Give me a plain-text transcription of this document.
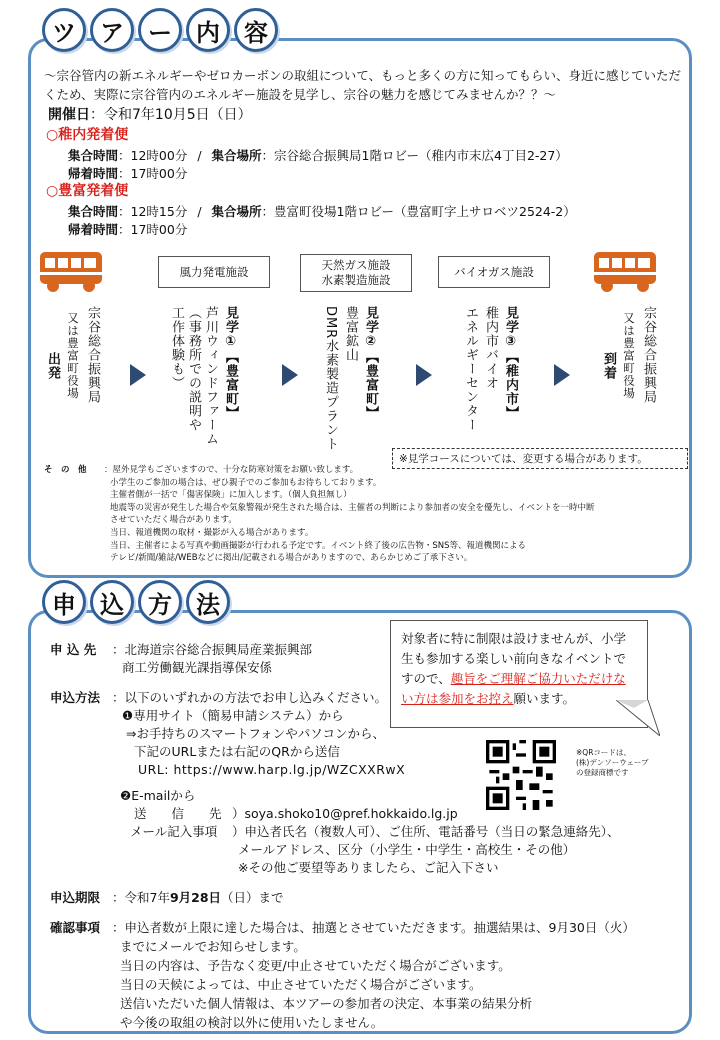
ツ	ア	ー	内	容
〜宗谷管内の新エネルギーやゼロカーボンの取組について、もっと多くの方に知ってもらい、身近に感じていただくため、実際に宗谷管内のエネルギー施設を見学し、宗谷の魅力を感じてみませんか？？〜
開催日：令和7年10月5日（日）
○稚内発着便
集合時間：12時00分 / 集合場所：宗谷総合振興局1階ロビー（稚内市末広4丁目2-27）
帰着時間：17時00分
○豊富発着便
集合時間：12時15分 / 集合場所：豊富町役場1階ロビー（豊富町字上サロベツ2524-2）
帰着時間：17時00分
風力発電施設	天然ガス施設
水素製造施設
バイオガス施設
宗谷総合振興局
又は豊富町役場
出発	見学①【豊富町】
芦川ウィンドファーム
（事務所での説明や工作体験も）	見学②【豊富町】
豊富鉱山
DMR水素製造プラント	見学③【稚内市】
稚内市バイオ
エネルギーセンター	宗谷総合振興局
又は豊富町役場
到着
※見学コースについては、変更する場合があります。
そ　の　他 ：屋外見学もございますので、十分な防寒対策をお願い致します。
小学生のご参加の場合は、ぜひ親子でのご参加もお待ちしております。
主催者側が一括で「傷害保険」に加入します。（個人負担無し）
地震等の災害が発生した場合や気象警報が発生された場合は、主催者の判断により参加者の安全を優先し、イベントを一時中断
させていただく場合があります。
当日、報道機関の取材・撮影が入る場合があります。
当日、主催者による写真や動画撮影が行われる予定です。イベント終了後の広告物・SNS等、報道機関による
テレビ/新聞/雑誌/WEBなどに掲出/記載される場合がありますので、あらかじめご了承下さい。
申	込	方	法
申 込 先 ：北海道宗谷総合振興局産業振興部
商工労働観光課指導保安係
申込方法 ：以下のいずれかの方法でお申し込みください。
❶専用サイト（簡易申請システム）から
⇒お手持ちのスマートフォンやパソコンから、
下記のURLまたは右記のQRから送信
URL: https://www.harp.lg.jp/WZCXXRwX
※QRコードは、
(株)デンソーウェーブ
の登録商標です
❷E-mailから
送　　信　　先 ）soya.shoko10@pref.hokkaido.lg.jp
メール記入事項 ）申込者氏名（複数人可）、ご住所、電話番号（当日の緊急連絡先）、
メールアドレス、区分（小学生・中学生・高校生・その他）
※その他ご要望等ありましたら、ご記入下さい
対象者に特に制限は設けませんが、小学生も参加する楽しい前向きなイベントですので、趣旨をご理解ご協力いただけない方は参加をお控え願います。
申込期限 ：令和7年9月28日（日）まで
確認事項 ：申込者数が上限に達した場合は、抽選とさせていただきます。抽選結果は、9月30日（火）
までにメールでお知らせします。
当日の内容は、予告なく変更/中止させていただく場合がございます。
当日の天候によっては、中止させていただく場合がございます。
送信いただいた個人情報は、本ツアーの参加者の決定、本事業の結果分析
や今後の取組の検討以外に使用いたしません。
